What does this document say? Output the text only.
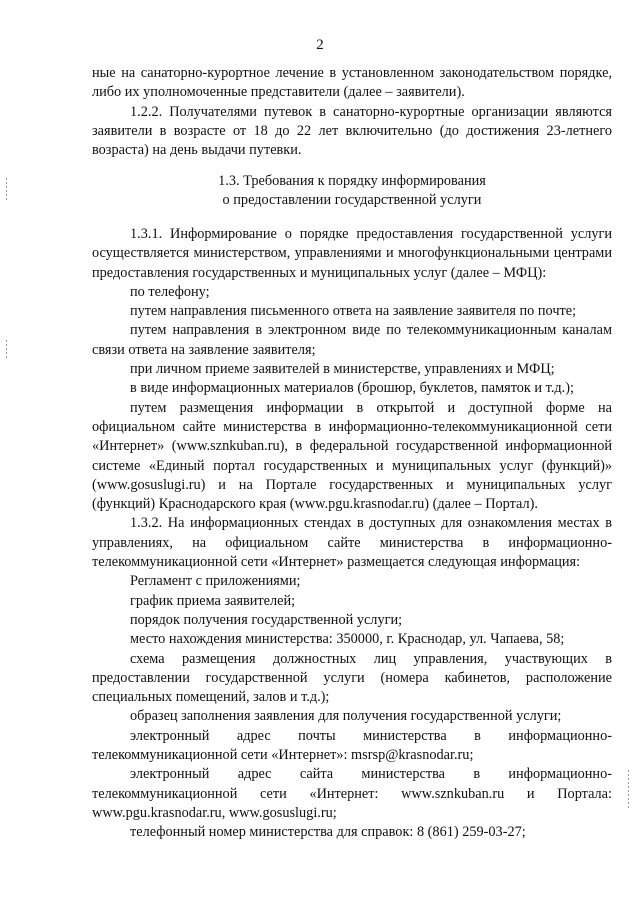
2

ные на санаторно-курортное лечение в установленном законодательством порядке, либо их уполномоченные представители (далее – заявители).

1.2.2. Получателями путевок в санаторно-курортные организации являются заявители в возрасте от 18 до 22 лет включительно (до достижения 23-летнего возраста) на день выдачи путевки.

1.3. Требования к порядку информирования
о предоставлении государственной услуги

1.3.1. Информирование о порядке предоставления государственной услуги осуществляется министерством, управлениями и многофункциональными центрами предоставления государственных и муниципальных услуг (далее – МФЦ):

по телефону;

путем направления письменного ответа на заявление заявителя по почте;

путем направления в электронном виде по телекоммуникационным каналам связи ответа на заявление заявителя;

при личном приеме заявителей в министерстве, управлениях и МФЦ;

в виде информационных материалов (брошюр, буклетов, памяток и т.д.);

путем размещения информации в открытой и доступной форме на официальном сайте министерства в информационно-телекоммуникационной сети «Интернет» (www.sznkuban.ru), в федеральной государственной информационной системе «Единый портал государственных и муниципальных услуг (функций)» (www.gosuslugi.ru) и на Портале государственных и муниципальных услуг (функций) Краснодарского края (www.pgu.krasnodar.ru) (далее – Портал).

1.3.2. На информационных стендах в доступных для ознакомления местах в управлениях, на официальном сайте министерства в информационно-телекоммуникационной сети «Интернет» размещается следующая информация:

Регламент с приложениями;

график приема заявителей;

порядок получения государственной услуги;

место нахождения министерства: 350000, г. Краснодар, ул. Чапаева, 58;

схема размещения должностных лиц управления, участвующих в предоставлении государственной услуги (номера кабинетов, расположение специальных помещений, залов и т.д.);

образец заполнения заявления для получения государственной услуги;

электронный адрес почты министерства в информационно-телекоммуникационной сети «Интернет»: msrsp@krasnodar.ru;

электронный адрес сайта министерства в информационно-телекоммуникационной сети «Интернет: www.sznkuban.ru и Портала: www.pgu.krasnodar.ru, www.gosuslugi.ru;

телефонный номер министерства для справок: 8 (861) 259-03-27;
